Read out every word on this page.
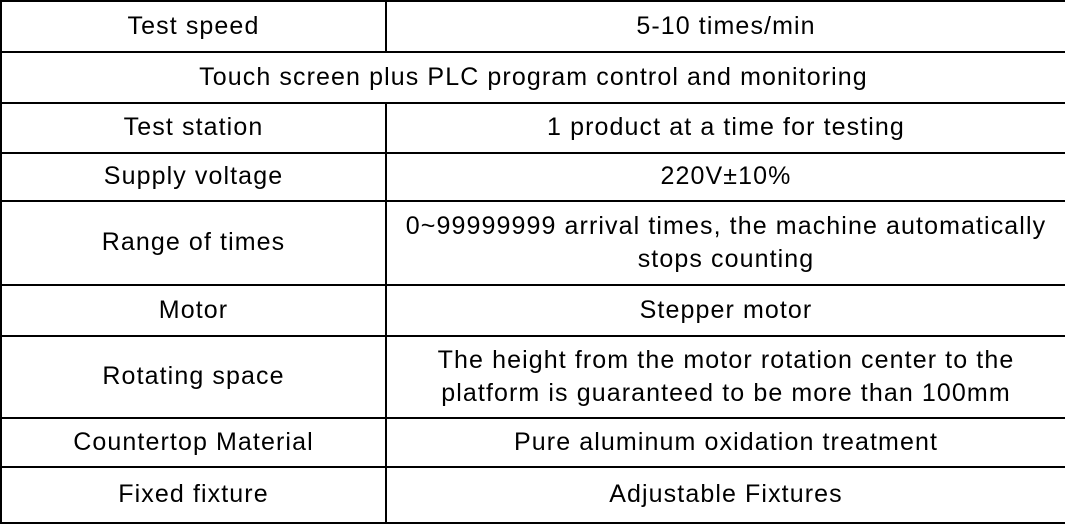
Test speed	5-10 times/min
Touch screen plus PLC program control and monitoring	
Test station	1 product at a time for testing
Supply voltage	220V±10%
Range of times	0~99999999 arrival times, the machine automatically stops counting
Motor	Stepper motor
Rotating space	The height from the motor rotation center to the platform is guaranteed to be more than 100mm
Countertop Material	Pure aluminum oxidation treatment
Fixed fixture	Adjustable Fixtures
